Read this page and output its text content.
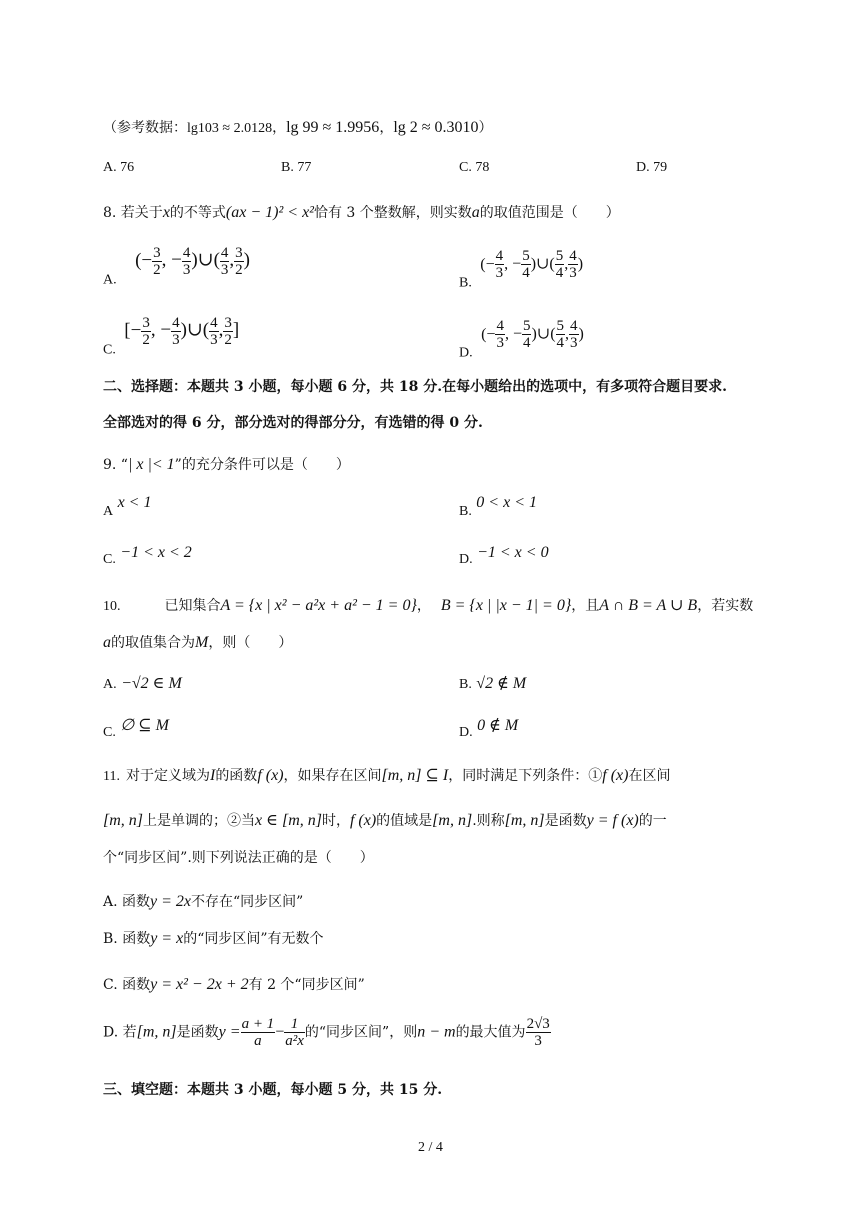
（参考数据：lg103 ≈ 2.0128，lg 99 ≈ 1.9956，lg 2 ≈ 0.3010）
A. 76	B. 77	C. 78	D. 79
8. 若关于x的不等式(ax − 1)² < x²恰有 3 个整数解，则实数a的取值范围是（　　）
A. (− $\frac{3}{2}$ , − $\frac{4}{3}$ )∪( $\frac{4}{3}$ , $\frac{3}{2}$ )
B. (− $\frac{4}{3}$ , − $\frac{5}{4}$ )∪( $\frac{5}{4}$ , $\frac{4}{3}$ )
C. [− $\frac{3}{2}$ , − $\frac{4}{3}$ )∪( $\frac{4}{3}$ , $\frac{3}{2}$ ]
D. (− $\frac{4}{3}$ , − $\frac{5}{4}$ )∪( $\frac{5}{4}$ , $\frac{4}{3}$ )
二、选择题：本题共 3 小题，每小题 6 分，共 18 分.在每小题给出的选项中，有多项符合题目要求.
全部选对的得 6 分，部分选对的得部分分，有选错的得 0 分.
9. “| x |< 1”的充分条件可以是（　　）
A x < 1
B. 0 < x < 1
C. −1 < x < 2	D. −1 < x < 0
10.	已知集合A = {x | x² − a²x + a² − 1 = 0}， B = {x | |x − 1| = 0}，且A ∩ B = A ∪ B，若实数
a的取值集合为M，则（　　）
A. −√2 ∈ M	B. √2 ∉ M
C. ∅ ⊆ M	D. 0 ∉ M
11. 对于定义域为I的函数f (x)，如果存在区间[m, n] ⊆ I，同时满足下列条件：①f (x)在区间
[m, n]上是单调的；②当x ∈ [m, n]时，f (x)的值域是[m, n].则称[m, n]是函数y = f (x)的一
个“同步区间”.则下列说法正确的是（　　）
A. 函数y = 2x不存在“同步区间”
B. 函数y = x的“同步区间”有无数个
C. 函数y = x² − 2x + 2有 2 个“同步区间”
D. 若[m, n]是函数$y = \frac{a + 1}{a} - \frac{1}{\text{a²x}}$ 的“同步区间”，则n − m的最大值为 $\frac{2√3}{3}$
三、填空题：本题共 3 小题，每小题 5 分，共 15 分.
2 / 4
